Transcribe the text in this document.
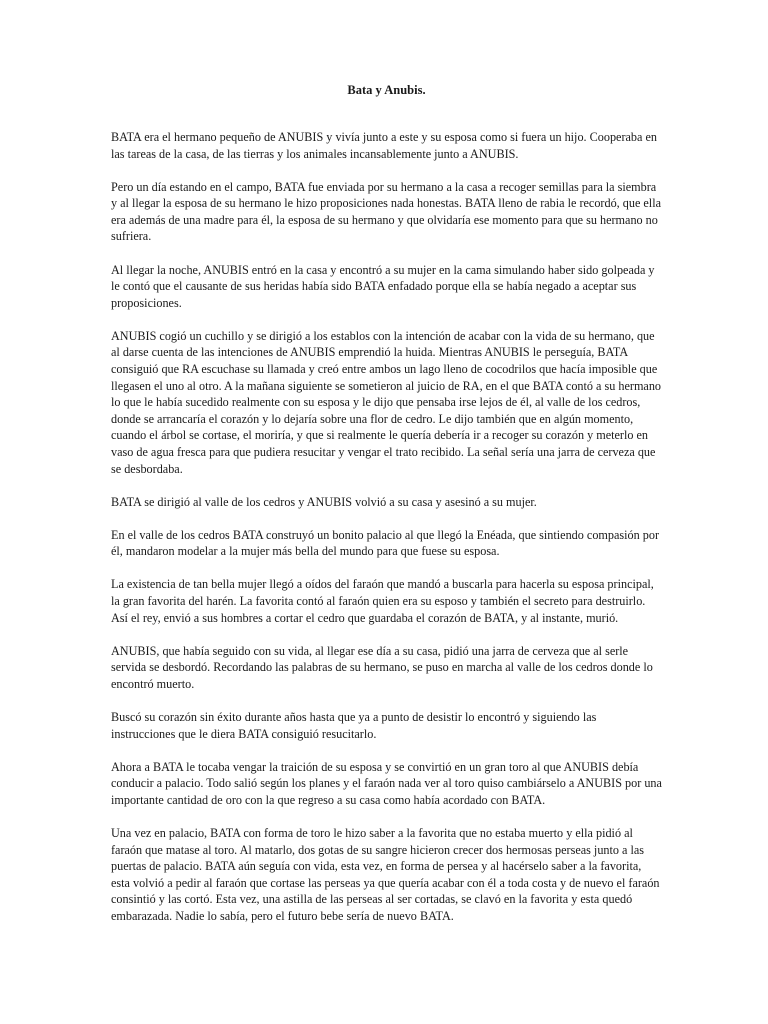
Bata y Anubis.

BATA era el hermano pequeño de ANUBIS y vivía junto a este y su esposa como si fuera un hijo. Cooperaba en las tareas de la casa, de las tierras y los animales incansablemente junto a ANUBIS.

Pero un día estando en el campo, BATA fue enviada por su hermano a la casa a recoger semillas para la siembra y al llegar la esposa de su hermano le hizo proposiciones nada honestas. BATA lleno de rabia le recordó, que ella era además de una madre para él, la esposa de su hermano y que olvidaría ese momento para que su hermano no sufriera.

Al llegar la noche, ANUBIS entró en la casa y encontró a su mujer en la cama simulando haber sido golpeada y le contó que el causante de sus heridas había sido BATA enfadado porque ella se había negado a aceptar sus proposiciones.

ANUBIS cogió un cuchillo y se dirigió a los establos con la intención de acabar con la vida de su hermano, que al darse cuenta de las intenciones de ANUBIS emprendió la huida. Mientras ANUBIS le perseguía, BATA consiguió que RA escuchase su llamada y creó entre ambos un lago lleno de cocodrilos que hacía imposible que llegasen el uno al otro. A la mañana siguiente se sometieron al juicio de RA, en el que BATA contó a su hermano lo que le había sucedido realmente con su esposa y le dijo que pensaba irse lejos de él, al valle de los cedros, donde se arrancaría el corazón y lo dejaría sobre una flor de cedro. Le dijo también que en algún momento, cuando el árbol se cortase, el moriría, y que si realmente le quería debería ir a recoger su corazón y meterlo en vaso de agua fresca para que pudiera resucitar y vengar el trato recibido. La señal sería una jarra de cerveza que se desbordaba.

BATA se dirigió al valle de los cedros y ANUBIS volvió a su casa y asesinó a su mujer.

En el valle de los cedros BATA construyó un bonito palacio al que llegó la Enéada, que sintiendo compasión por él, mandaron modelar a la mujer más bella del mundo para que fuese su esposa.

La existencia de tan bella mujer llegó a oídos del faraón que mandó a buscarla para hacerla su esposa principal, la gran favorita del harén. La favorita contó al faraón quien era su esposo y también el secreto para destruirlo. Así el rey, envió a sus hombres a cortar el cedro que guardaba el corazón de BATA, y al instante, murió.

ANUBIS, que había seguido con su vida, al llegar ese día a su casa, pidió una jarra de cerveza que al serle servida se desbordó. Recordando las palabras de su hermano, se puso en marcha al valle de los cedros donde lo encontró muerto.

Buscó su corazón sin éxito durante años hasta que ya a punto de desistir lo encontró y siguiendo las instrucciones que le diera BATA consiguió resucitarlo.

Ahora a BATA le tocaba vengar la traición de su esposa y se convirtió en un gran toro al que ANUBIS debía conducir a palacio. Todo salió según los planes y el faraón nada ver al toro quiso cambiárselo a ANUBIS por una importante cantidad de oro con la que regreso a su casa como había acordado con BATA.

Una vez en palacio, BATA con forma de toro le hizo saber a la favorita que no estaba muerto y ella pidió al faraón que matase al toro. Al matarlo, dos gotas de su sangre hicieron crecer dos hermosas perseas junto a las puertas de palacio. BATA aún seguía con vida, esta vez, en forma de persea y al hacérselo saber a la favorita, esta volvió a pedir al faraón que cortase las perseas ya que quería acabar con él a toda costa y de nuevo el faraón consintió y las cortó. Esta vez, una astilla de las perseas al ser cortadas, se clavó en la favorita y esta quedó embarazada. Nadie lo sabía, pero el futuro bebe sería de nuevo BATA.
